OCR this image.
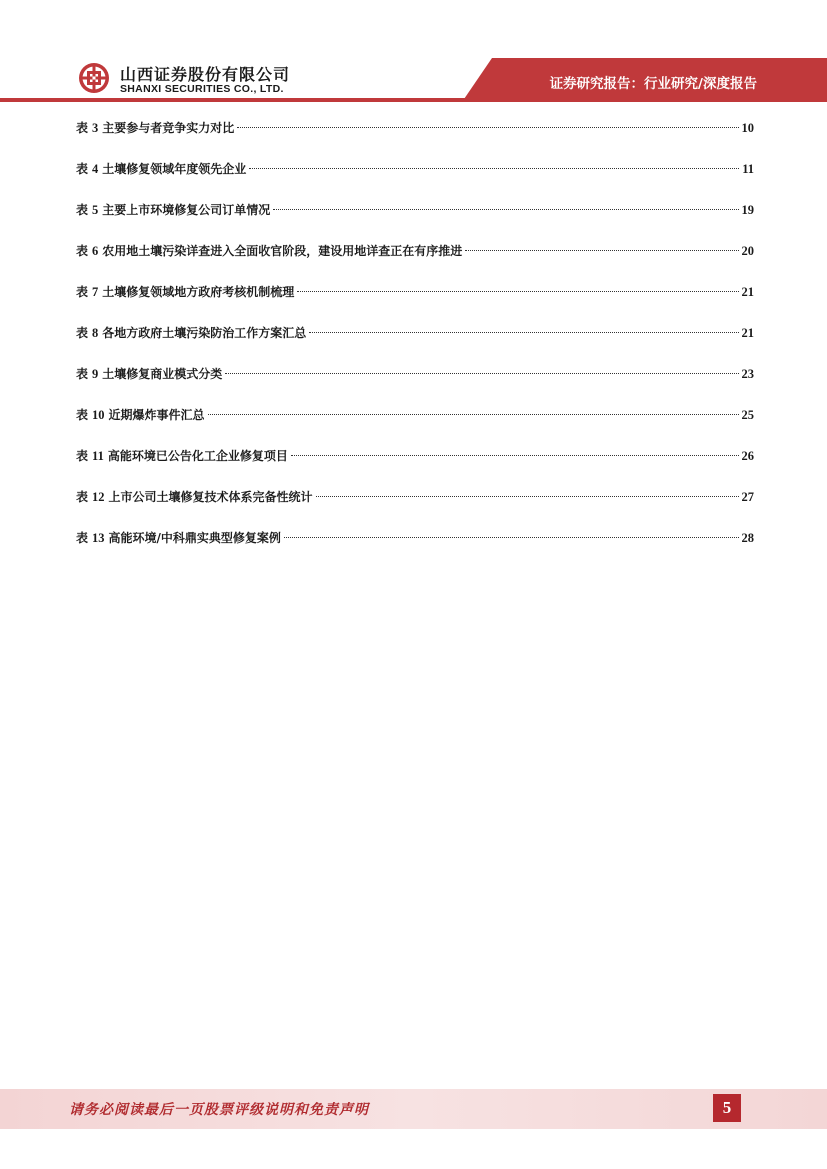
山西证券股份有限公司
SHANXI SECURITIES CO., LTD.	证券研究报告：行业研究/深度报告
表 3 主要参与者竞争实力对比	10
表 4 土壤修复领域年度领先企业	11
表 5 主要上市环境修复公司订单情况	19
表 6 农用地土壤污染详查进入全面收官阶段，建设用地详查正在有序推进	20
表 7 土壤修复领域地方政府考核机制梳理	21
表 8 各地方政府土壤污染防治工作方案汇总	21
表 9 土壤修复商业模式分类	23
表 10 近期爆炸事件汇总	25
表 11 高能环境已公告化工企业修复项目	26
表 12 上市公司土壤修复技术体系完备性统计	27
表 13 高能环境/中科鼎实典型修复案例	28
请务必阅读最后一页股票评级说明和免责声明	5
